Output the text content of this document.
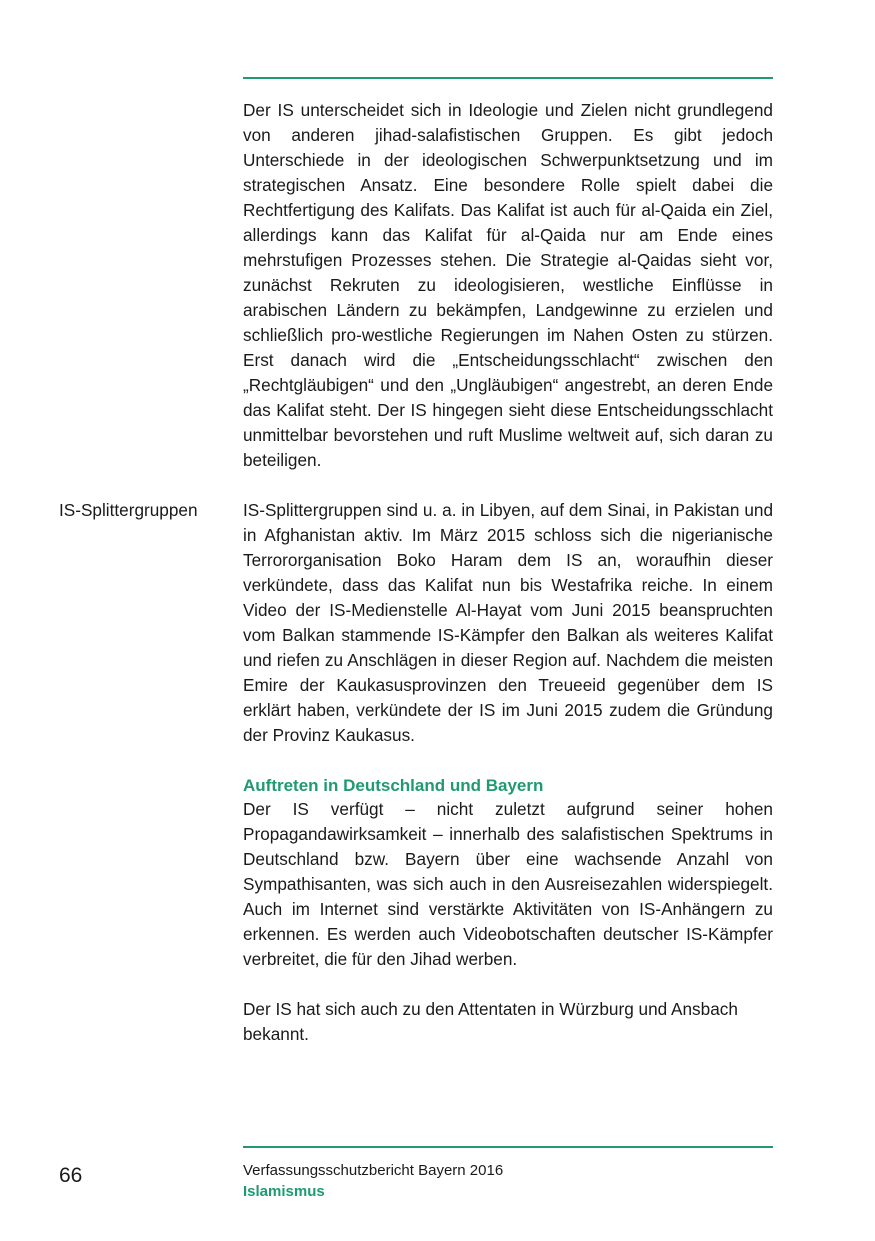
Der IS unterscheidet sich in Ideologie und Zielen nicht grundlegend von anderen jihad-salafistischen Gruppen. Es gibt jedoch Unterschiede in der ideologischen Schwerpunktsetzung und im strategischen Ansatz. Eine besondere Rolle spielt dabei die Rechtfertigung des Kalifats. Das Kalifat ist auch für al-Qaida ein Ziel, allerdings kann das Kalifat für al-Qaida nur am Ende eines mehrstufigen Prozesses stehen. Die Strategie al-Qaidas sieht vor, zunächst Rekruten zu ideologisieren, westliche Einflüsse in arabischen Ländern zu bekämpfen, Landgewinne zu erzielen und schließlich pro-westliche Regierungen im Nahen Osten zu stürzen. Erst danach wird die „Entscheidungsschlacht“ zwischen den „Rechtgläubigen“ und den „Ungläubigen“ angestrebt, an deren Ende das Kalifat steht. Der IS hingegen sieht diese Entscheidungsschlacht unmittelbar bevorstehen und ruft Muslime weltweit auf, sich daran zu beteiligen.

IS-Splittergruppen	IS-Splittergruppen sind u. a. in Libyen, auf dem Sinai, in Pakistan und in Afghanistan aktiv. Im März 2015 schloss sich die nigerianische Terrororganisation Boko Haram dem IS an, woraufhin dieser verkündete, dass das Kalifat nun bis Westafrika reiche. In einem Video der IS-Medienstelle Al-Hayat vom Juni 2015 beanspruchten vom Balkan stammende IS-Kämpfer den Balkan als weiteres Kalifat und riefen zu Anschlägen in dieser Region auf. Nachdem die meisten Emire der Kaukasusprovinzen den Treueeid gegenüber dem IS erklärt haben, verkündete der IS im Juni 2015 zudem die Gründung der Provinz Kaukasus.

Auftreten in Deutschland und Bayern

Der IS verfügt – nicht zuletzt aufgrund seiner hohen Propagandawirksamkeit – innerhalb des salafistischen Spektrums in Deutschland bzw. Bayern über eine wachsende Anzahl von Sympathisanten, was sich auch in den Ausreisezahlen widerspiegelt. Auch im Internet sind verstärkte Aktivitäten von IS-Anhängern zu erkennen. Es werden auch Videobotschaften deutscher IS-Kämpfer verbreitet, die für den Jihad werben.

Der IS hat sich auch zu den Attentaten in Würzburg und Ansbach bekannt.

66	Verfassungsschutzbericht Bayern 2016
Islamismus
